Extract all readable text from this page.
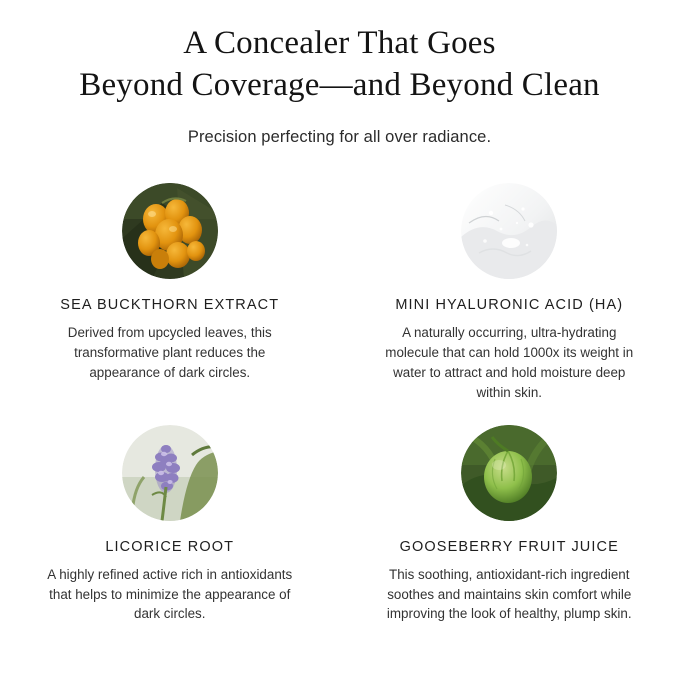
A Concealer That Goes
Beyond Coverage—and Beyond Clean
Precision perfecting for all over radiance.
SEA BUCKTHORN EXTRACT
Derived from upcycled leaves, this transformative plant reduces the appearance of dark circles.
MINI HYALURONIC ACID (HA)
A naturally occurring, ultra-hydrating molecule that can hold 1000x its weight in water to attract and hold moisture deep within skin.
LICORICE ROOT
A highly refined active rich in antioxidants that helps to minimize the appearance of dark circles.
GOOSEBERRY FRUIT JUICE
This soothing, antioxidant-rich ingredient soothes and maintains skin comfort while improving the look of healthy, plump skin.
